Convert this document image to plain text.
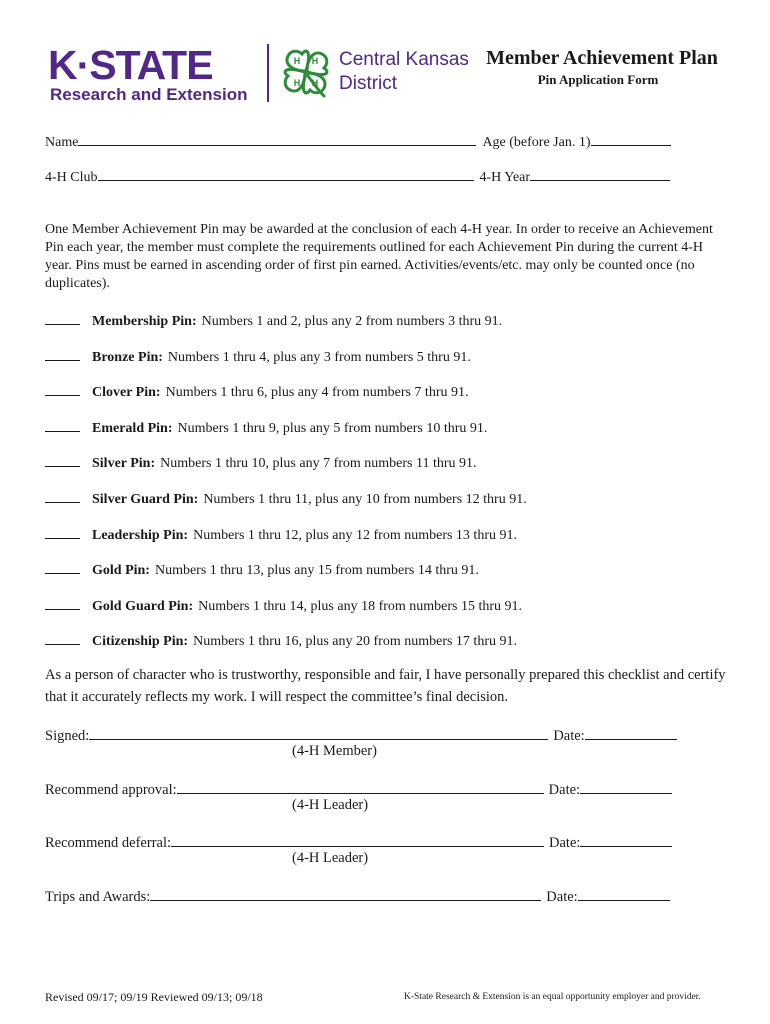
K·STATE
Research and Extension
H H
H H
Central Kansas
District
Member Achievement Plan
Pin Application Form
Name	Age (before Jan. 1)
4-H Club	4-H Year
One Member Achievement Pin may be awarded at the conclusion of each 4-H year. In order to receive an Achievement Pin each year, the member must complete the requirements outlined for each Achievement Pin during the current 4-H year. Pins must be earned in ascending order of first pin earned. Activities/events/etc. may only be counted once (no duplicates).
Membership Pin: Numbers 1 and 2, plus any 2 from numbers 3 thru 91.
Bronze Pin: Numbers 1 thru 4, plus any 3 from numbers 5 thru 91.
Clover Pin: Numbers 1 thru 6, plus any 4 from numbers 7 thru 91.
Emerald Pin: Numbers 1 thru 9, plus any 5 from numbers 10 thru 91.
Silver Pin: Numbers 1 thru 10, plus any 7 from numbers 11 thru 91.
Silver Guard Pin: Numbers 1 thru 11, plus any 10 from numbers 12 thru 91.
Leadership Pin: Numbers 1 thru 12, plus any 12 from numbers 13 thru 91.
Gold Pin: Numbers 1 thru 13, plus any 15 from numbers 14 thru 91.
Gold Guard Pin: Numbers 1 thru 14, plus any 18 from numbers 15 thru 91.
Citizenship Pin: Numbers 1 thru 16, plus any 20 from numbers 17 thru 91.
As a person of character who is trustworthy, responsible and fair, I have personally prepared this checklist and certify that it accurately reflects my work. I will respect the committee’s final decision.
Signed:	Date:
(4-H Member)
Recommend approval:	Date:
(4-H Leader)
Recommend deferral:	Date:
(4-H Leader)
Trips and Awards:	Date:
Revised 09/17; 09/19 Reviewed 09/13; 09/18	K-State Research & Extension is an equal opportunity employer and provider.
